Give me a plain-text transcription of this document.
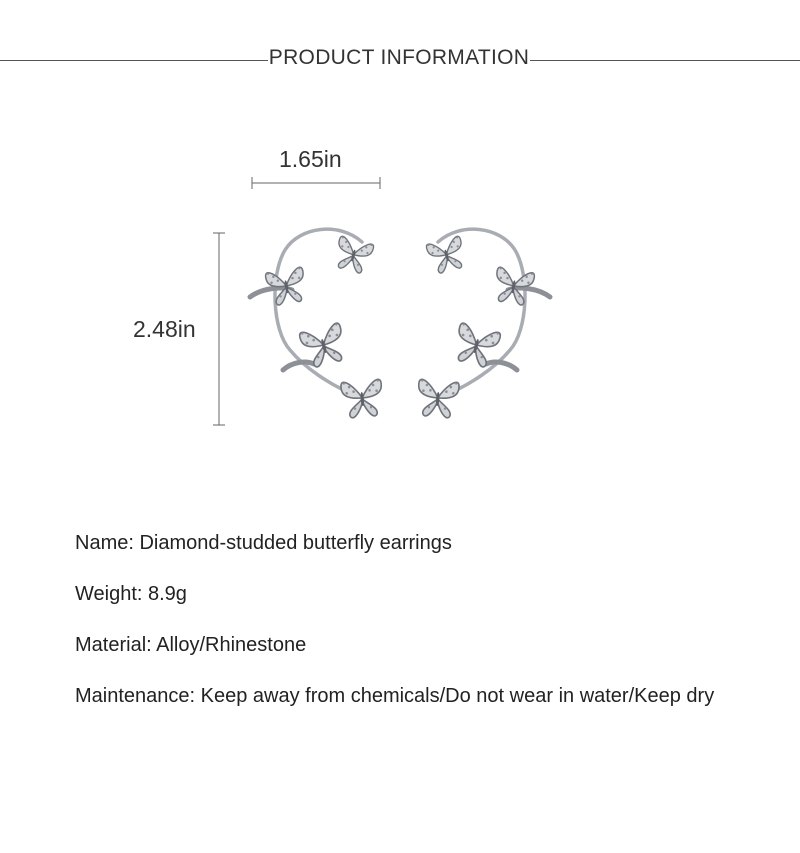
PRODUCT INFORMATION
1.65in
2.48in
Name: Diamond-studded butterfly earrings
Weight: 8.9g
Material: Alloy/Rhinestone
Maintenance: Keep away from chemicals/Do not wear in water/Keep dry
